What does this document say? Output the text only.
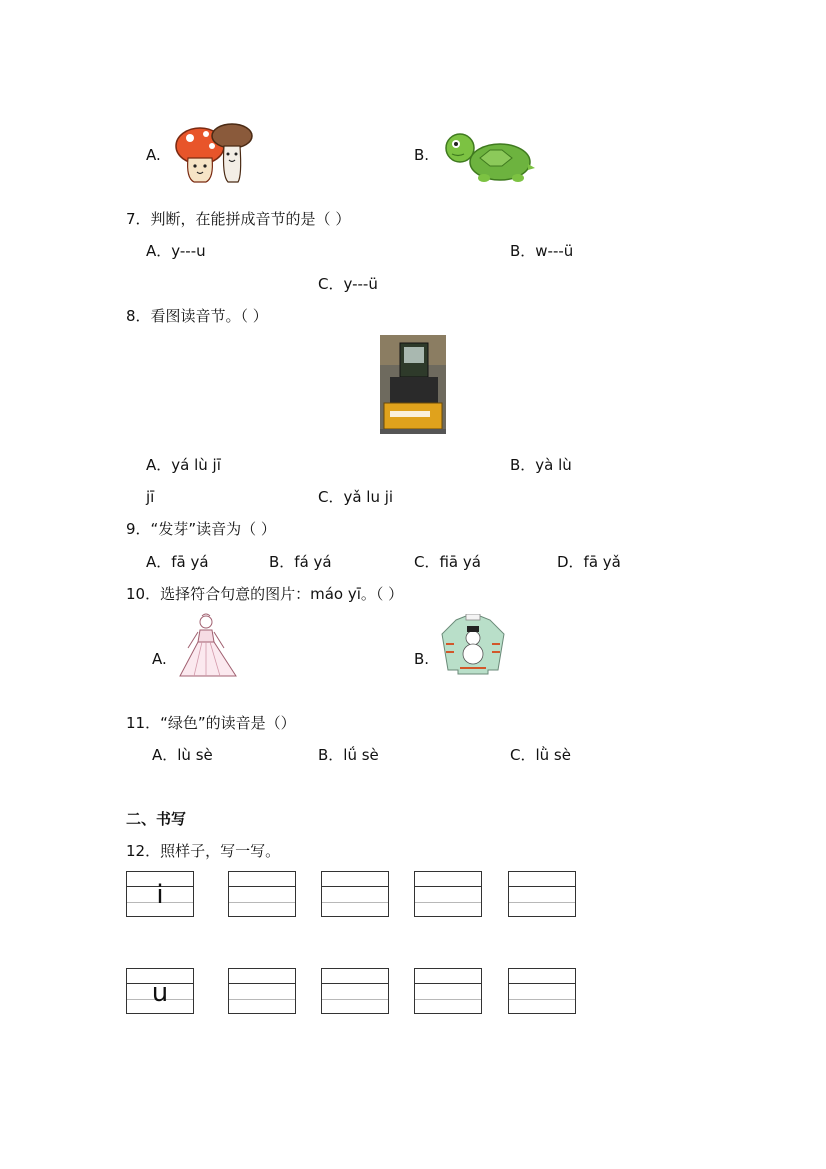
A.	B.
7．判断，在能拼成音节的是（ ）
A．y---u	B．w---ü
C．y---ü
8．看图读音节。（ ）
A．yá lù jī	B．yà lù
jī	C．yǎ lu ji
9．“发芽”读音为（ ）
A．fā yá	B．fá yá	C．fiā yá	D．fā yǎ
10．选择符合句意的图片：máo yī。（ ）
A.	B.
11．“绿色”的读音是（）
A．lù sè	B．lǘ sè	C．lǜ sè
二、书写
12．照样子，写一写。
i
u
